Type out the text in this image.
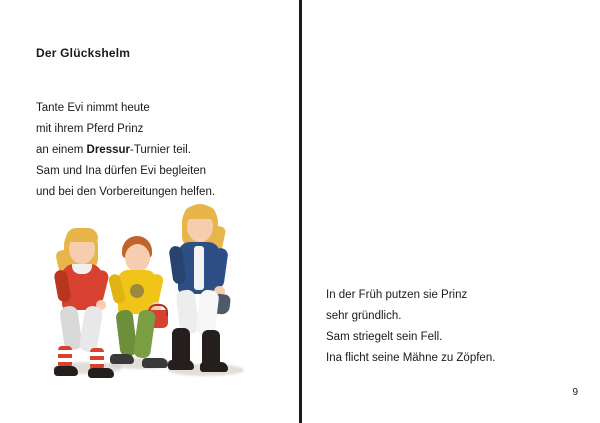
Der Glückshelm
Tante Evi nimmt heute
mit ihrem Pferd Prinz
an einem Dressur-Turnier teil.
Sam und Ina dürfen Evi begleiten
und bei den Vorbereitungen helfen.
In der Früh putzen sie Prinz
sehr gründlich.
Sam striegelt sein Fell.
Ina flicht seine Mähne zu Zöpfen.
9
